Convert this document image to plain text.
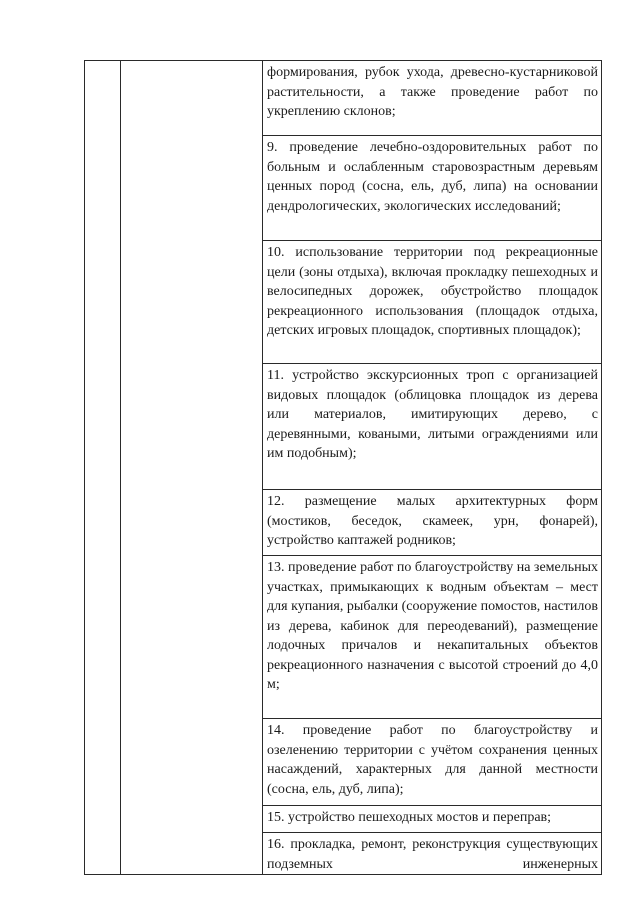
формирования, рубок ухода, древесно-кустарниковой растительности, а также проведение работ по укреплению склонов;

9. проведение лечебно-оздоровительных работ по больным и ослабленным старовозрастным деревьям ценных пород (сосна, ель, дуб, липа) на основании дендрологических, экологических исследований;

10. использование территории под рекреационные цели (зоны отдыха), включая прокладку пешеходных и велосипедных дорожек, обустройство площадок рекреационного использования (площадок отдыха, детских игровых площадок, спортивных площадок);

11. устройство экскурсионных троп с организацией видовых площадок (облицовка площадок из дерева или материалов, имитирующих дерево, с деревянными, коваными, литыми ограждениями или им подобным);

12. размещение малых архитектурных форм (мостиков, беседок, скамеек, урн, фонарей), устройство каптажей родников;

13. проведение работ по благоустройству на земельных участках, примыкающих к водным объектам – мест для купания, рыбалки (сооружение помостов, настилов из дерева, кабинок для переодеваний), размещение лодочных причалов и некапитальных объектов рекреационного назначения с высотой строений до 4,0 м;

14. проведение работ по благоустройству и озеленению территории с учётом сохранения ценных насаждений, характерных для данной местности (сосна, ель, дуб, липа);

15. устройство пешеходных мостов и переправ;

16. прокладка, ремонт, реконструкция существующих подземных инженерных
